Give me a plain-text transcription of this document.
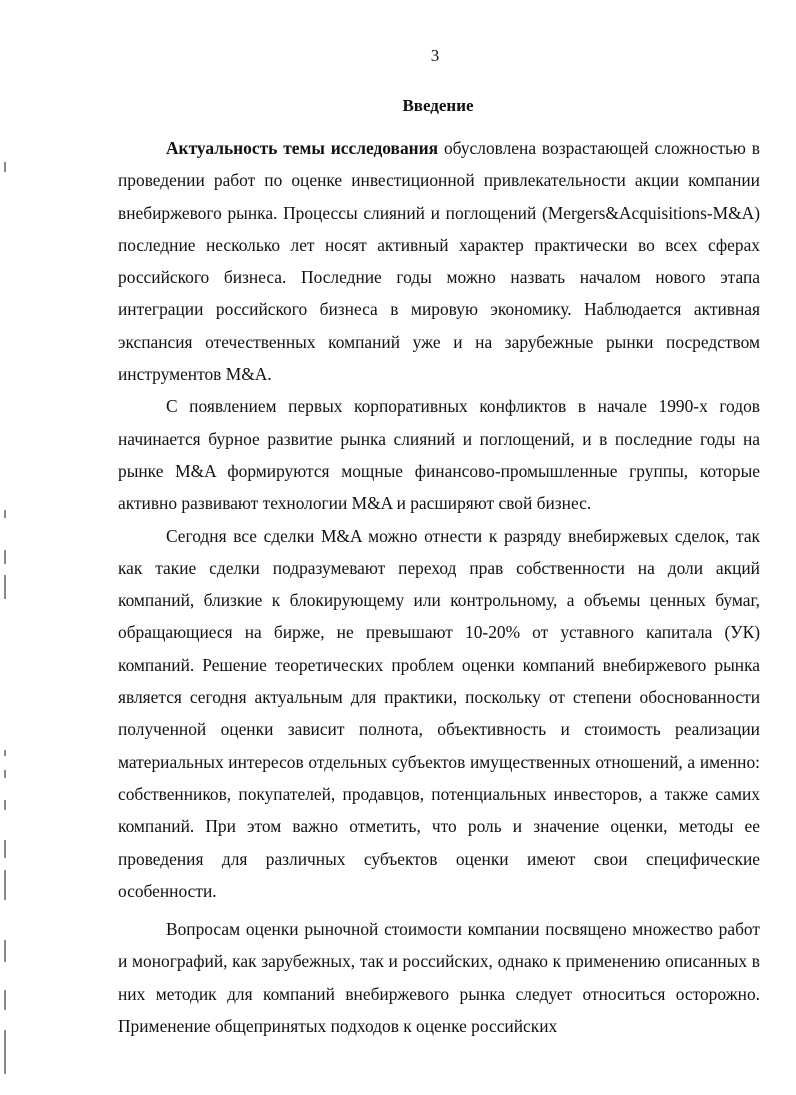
3
Введение

Актуальность темы исследования обусловлена возрастающей сложностью в проведении работ по оценке инвестиционной привлекательности акции компании внебиржевого рынка. Процессы слияний и поглощений (Mergers&Acquisitions-M&A) последние несколько лет носят активный характер практически во всех сферах российского бизнеса. Последние годы можно назвать началом нового этапа интеграции российского бизнеса в мировую экономику. Наблюдается активная экспансия отечественных компаний уже и на зарубежные рынки посредством инструментов M&A.

С появлением первых корпоративных конфликтов в начале 1990-х годов начинается бурное развитие рынка слияний и поглощений, и в последние годы на рынке M&A формируются мощные финансово-промышленные группы, которые активно развивают технологии M&A и расширяют свой бизнес.

Сегодня все сделки M&A можно отнести к разряду внебиржевых сделок, так как такие сделки подразумевают переход прав собственности на доли акций компаний, близкие к блокирующему или контрольному, а объемы ценных бумаг, обращающиеся на бирже, не превышают 10-20% от уставного капитала (УК) компаний. Решение теоретических проблем оценки компаний внебиржевого рынка является сегодня актуальным для практики, поскольку от степени обоснованности полученной оценки зависит полнота, объективность и стоимость реализации материальных интересов отдельных субъектов имущественных отношений, а именно: собственников, покупателей, продавцов, потенциальных инвесторов, а также самих компаний. При этом важно отметить, что роль и значение оценки, методы ее проведения для различных субъектов оценки имеют свои специфические особенности.

Вопросам оценки рыночной стоимости компании посвящено множество работ и монографий, как зарубежных, так и российских, однако к применению описанных в них методик для компаний внебиржевого рынка следует относиться осторожно. Применение общепринятых подходов к оценке российских
